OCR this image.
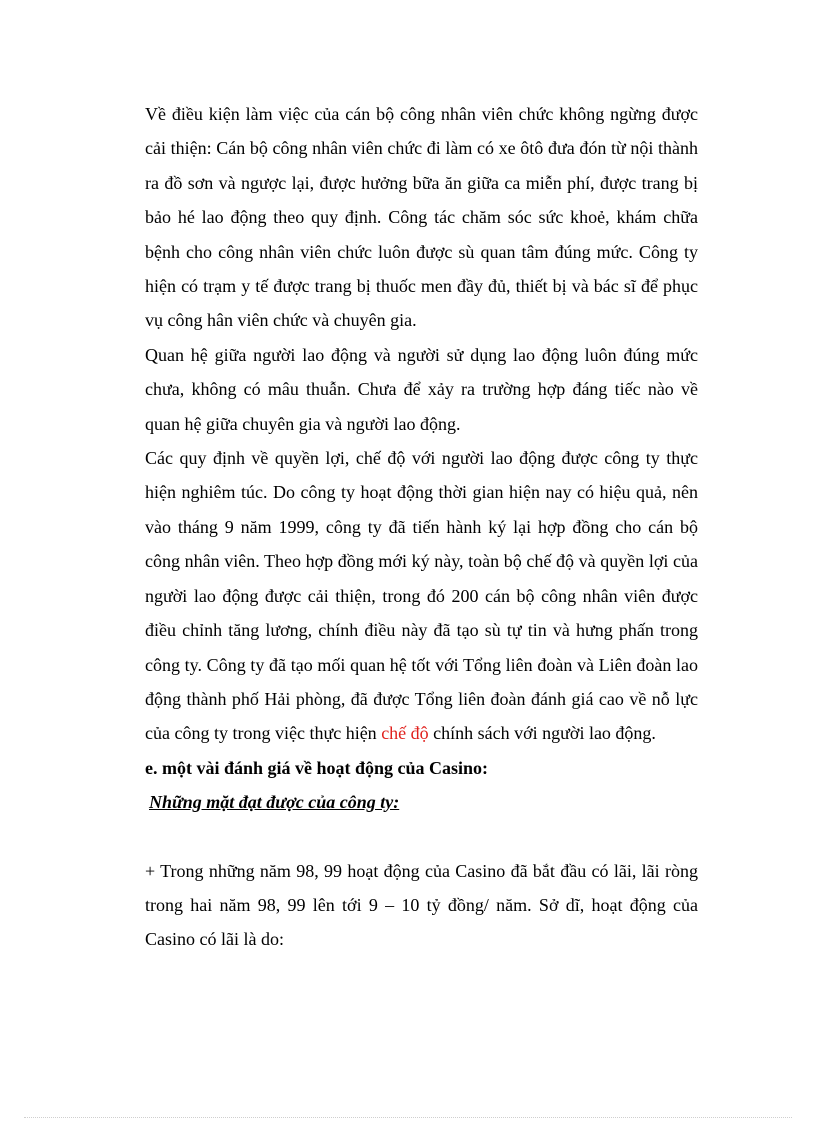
Về điều kiện làm việc của cán bộ công nhân viên chức không ngừng được cải thiện: Cán bộ công nhân viên chức đi làm có xe ôtô đưa đón từ nội thành ra đồ sơn và ngược lại, được hưởng bữa ăn giữa ca miễn phí, được trang bị bảo hé lao động theo quy định. Công tác chăm sóc sức khoẻ, khám chữa bệnh cho công nhân viên chức luôn được sù quan tâm đúng mức. Công ty hiện có trạm y tế được trang bị thuốc men đầy đủ, thiết bị và bác sĩ để phục vụ công hân viên chức và chuyên gia.

Quan hệ giữa người lao động và người sử dụng lao động luôn đúng mức chưa, không có mâu thuẫn. Chưa để xảy ra trường hợp đáng tiếc nào về quan hệ giữa chuyên gia và người lao động.

Các quy định về quyền lợi, chế độ với người lao động được công ty thực hiện nghiêm túc. Do công ty hoạt động thời gian hiện nay có hiệu quả, nên vào tháng 9 năm 1999, công ty đã tiến hành ký lại hợp đồng cho cán bộ công nhân viên. Theo hợp đồng mới ký này, toàn bộ chế độ và quyền lợi của người lao động được cải thiện, trong đó 200 cán bộ công nhân viên được điều chỉnh tăng lương, chính điều này đã tạo sù tự tin và hưng phấn trong công ty. Công ty đã tạo mối quan hệ tốt với Tổng liên đoàn và Liên đoàn lao động thành phố Hải phòng, đã được Tổng liên đoàn đánh giá cao về nỗ lực của công ty trong việc thực hiện chế độ chính sách với người lao động.

e. một vài đánh giá về hoạt động của Casino:

Những mặt đạt được của công ty:

+ Trong những năm 98, 99 hoạt động của Casino đã bắt đầu có lãi, lãi ròng trong hai năm 98, 99 lên tới 9 – 10 tỷ đồng/ năm. Sở dĩ, hoạt động của Casino có lãi là do:
